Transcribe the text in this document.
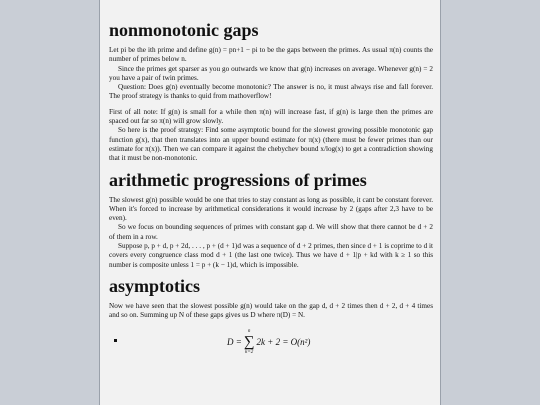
nonmonotonic gaps

Let pi be the ith prime and define g(n) = pn+1 − pi to be the gaps between the primes. As usual π(n) counts the number of primes below n.

Since the primes get sparser as you go outwards we know that g(n) increases on average. Whenever g(n) = 2 you have a pair of twin primes.

Question: Does g(n) eventually become monotonic? The answer is no, it must always rise and fall forever. The proof strategy is thanks to quid from mathoverflow!

First of all note: If g(n) is small for a while then π(n) will increase fast, if g(n) is large then the primes are spaced out far so π(n) will grow slowly.

So here is the proof strategy: Find some asymptotic bound for the slowest growing possible monotonic gap function g(x), that then translates into an upper bound estimate for π(x) (there must be fewer primes than our estimate for π(x)). Then we can compare it against the chebychev bound x/log(x) to get a contradiction showing that it must be non-monotonic.

arithmetic progressions of primes

The slowest g(n) possible would be one that tries to stay constant as long as possible, it cant be constant forever. When it's forced to increase by arithmetical considerations it would increase by 2 (gaps after 2,3 have to be even).

So we focus on bounding sequences of primes with constant gap d. We will show that there cannot be d + 2 of them in a row.

Suppose p, p + d, p + 2d, . . . , p + (d + 1)d was a sequence of d + 2 primes, then since d + 1 is coprime to d it covers every congruence class mod d + 1 (the last one twice). Thus we have d + 1|p + kd with k ≥ 1 so this number is composite unless 1 = p + (k − 1)d, which is impossible.

asymptotics

Now we have seen that the slowest possible g(n) would take on the gap d, d + 2 times then d + 2, d + 4 times and so on. Summing up N of these gaps gives us D where π(D) = N.

D =
n
∑
k=2
2k + 2 = O(n²)
